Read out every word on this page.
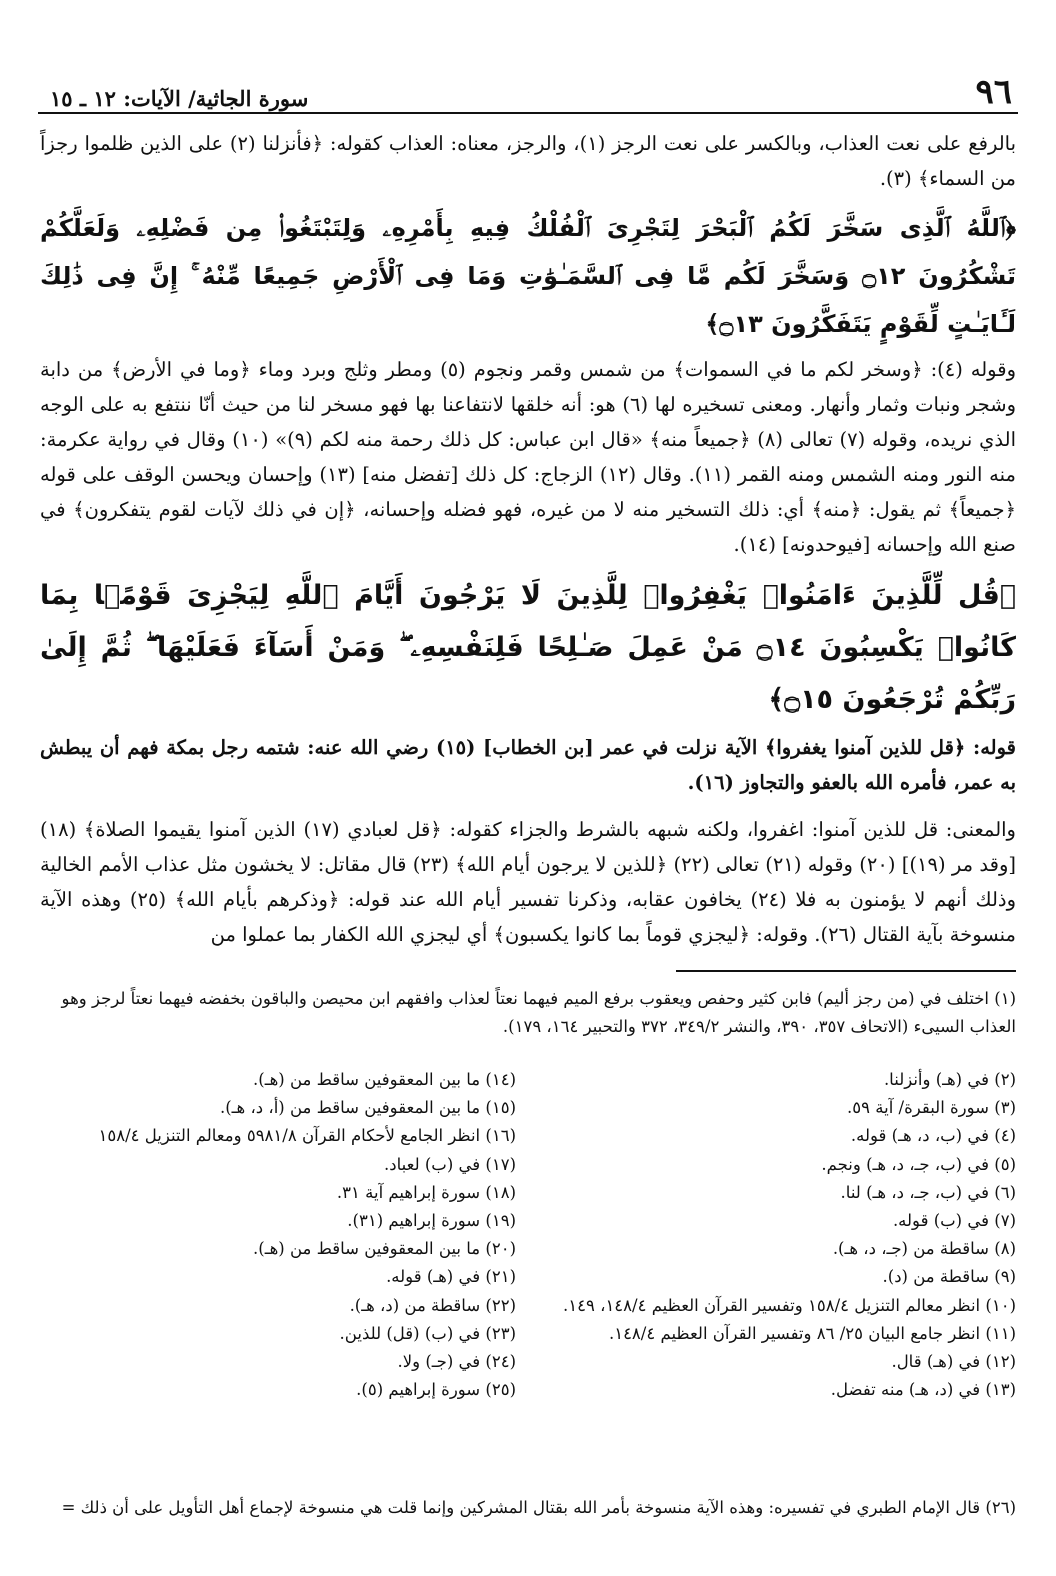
٩٦
سورة الجاثية/ الآيات: ١٢ ـ ١٥

بالرفع على نعت العذاب، وبالكسر على نعت الرجز (١)، والرجز، معناه: العذاب كقوله: ﴿فأنزلنا (٢) على الذين ظلموا رجزاً من السماء﴾ (٣).

﴿ٱللَّهُ ٱلَّذِى سَخَّرَ لَكُمُ ٱلْبَحْرَ لِتَجْرِىَ ٱلْفُلْكُ فِيهِ بِأَمْرِهِۦ وَلِتَبْتَغُوا۟ مِن فَضْلِهِۦ وَلَعَلَّكُمْ تَشْكُرُونَ ۝١٢ وَسَخَّرَ لَكُم مَّا فِى ٱلسَّمَـٰوَٰتِ وَمَا فِى ٱلْأَرْضِ جَمِيعًا مِّنْهُ ۚ إِنَّ فِى ذَٰلِكَ لَـَٔايَـٰتٍ لِّقَوْمٍ يَتَفَكَّرُونَ ۝١٣﴾

وقوله (٤): ﴿وسخر لكم ما في السموات﴾ من شمس وقمر ونجوم (٥) ومطر وثلج وبرد وماء ﴿وما في الأرض﴾ من دابة وشجر ونبات وثمار وأنهار. ومعنى تسخيره لها (٦) هو: أنه خلقها لانتفاعنا بها فهو مسخر لنا من حيث أنّا ننتفع به على الوجه الذي نريده، وقوله (٧) تعالى (٨) ﴿جميعاً منه﴾ «قال ابن عباس: كل ذلك رحمة منه لكم (٩)» (١٠) وقال في رواية عكرمة: منه النور ومنه الشمس ومنه القمر (١١). وقال (١٢) الزجاج: كل ذلك [تفضل منه] (١٣) وإحسان ويحسن الوقف على قوله ﴿جميعاً﴾ ثم يقول: ﴿منه﴾ أي: ذلك التسخير منه لا من غيره، فهو فضله وإحسانه، ﴿إن في ذلك لآيات لقوم يتفكرون﴾ في صنع الله وإحسانه [فيوحدونه] (١٤).

﴿قُل لِّلَّذِينَ ءَامَنُوا۟ يَغْفِرُوا۟ لِلَّذِينَ لَا يَرْجُونَ أَيَّامَ ٱللَّهِ لِيَجْزِىَ قَوْمًۢا بِمَا كَانُوا۟ يَكْسِبُونَ ۝١٤ مَنْ عَمِلَ صَـٰلِحًا فَلِنَفْسِهِۦ ۖ وَمَنْ أَسَآءَ فَعَلَيْهَا ۖ ثُمَّ إِلَىٰ رَبِّكُمْ تُرْجَعُونَ ۝١٥﴾

قوله: ﴿قل للذين آمنوا يغفروا﴾ الآية نزلت في عمر [بن الخطاب] (١٥) رضي الله عنه: شتمه رجل بمكة فهم أن يبطش به عمر، فأمره الله بالعفو والتجاوز (١٦).

والمعنى: قل للذين آمنوا: اغفروا، ولكنه شبهه بالشرط والجزاء كقوله: ﴿قل لعبادي (١٧) الذين آمنوا يقيموا الصلاة﴾ (١٨) [وقد مر (١٩)] (٢٠) وقوله (٢١) تعالى (٢٢) ﴿للذين لا يرجون أيام الله﴾ (٢٣) قال مقاتل: لا يخشون مثل عذاب الأمم الخالية وذلك أنهم لا يؤمنون به فلا (٢٤) يخافون عقابه، وذكرنا تفسير أيام الله عند قوله: ﴿وذكرهم بأيام الله﴾ (٢٥) وهذه الآية منسوخة بآية القتال (٢٦). وقوله: ﴿ليجزي قوماً بما كانوا يكسبون﴾ أي ليجزي الله الكفار بما عملوا من

(١) اختلف في (من رجز أليم) فابن كثير وحفص ويعقوب برفع الميم فيهما نعتاً لعذاب وافقهم ابن محيصن والباقون بخفضه فيهما نعتاً لرجز وهو العذاب السيىء (الاتحاف ٣٥٧، ٣٩٠، والنشر ٣٤٩/٢، ٣٧٢ والتحبير ١٦٤، ١٧٩).
(٢) في (هـ) وأنزلنا.
(٣) سورة البقرة/ آية ٥٩.
(٤) في (ب، د، هـ) قوله.
(٥) في (ب، جـ، د، هـ) ونجم.
(٦) في (ب، جـ، د، هـ) لنا.
(٧) في (ب) قوله.
(٨) ساقطة من (جـ، د، هـ).
(٩) ساقطة من (د).
(١٠) انظر معالم التنزيل ١٥٨/٤ وتفسير القرآن العظيم ١٤٨/٤، ١٤٩.
(١١) انظر جامع البيان ٢٥/ ٨٦ وتفسير القرآن العظيم ١٤٨/٤.
(١٢) في (هـ) قال.
(١٣) في (د، هـ) منه تفضل.
(١٤) ما بين المعقوفين ساقط من (هـ).
(١٥) ما بين المعقوفين ساقط من (أ، د، هـ).
(١٦) انظر الجامع لأحكام القرآن ٥٩٨١/٨ ومعالم التنزيل ١٥٨/٤
(١٧) في (ب) لعباد.
(١٨) سورة إبراهيم آية ٣١.
(١٩) سورة إبراهيم (٣١).
(٢٠) ما بين المعقوفين ساقط من (هـ).
(٢١) في (هـ) قوله.
(٢٢) ساقطة من (د، هـ).
(٢٣) في (ب) (قل) للذين.
(٢٤) في (جـ) ولا.
(٢٥) سورة إبراهيم (٥).
(٢٦) قال الإمام الطبري في تفسيره: وهذه الآية منسوخة بأمر الله بقتال المشركين وإنما قلت هي منسوخة لإجماع أهل التأويل على أن ذلك =
